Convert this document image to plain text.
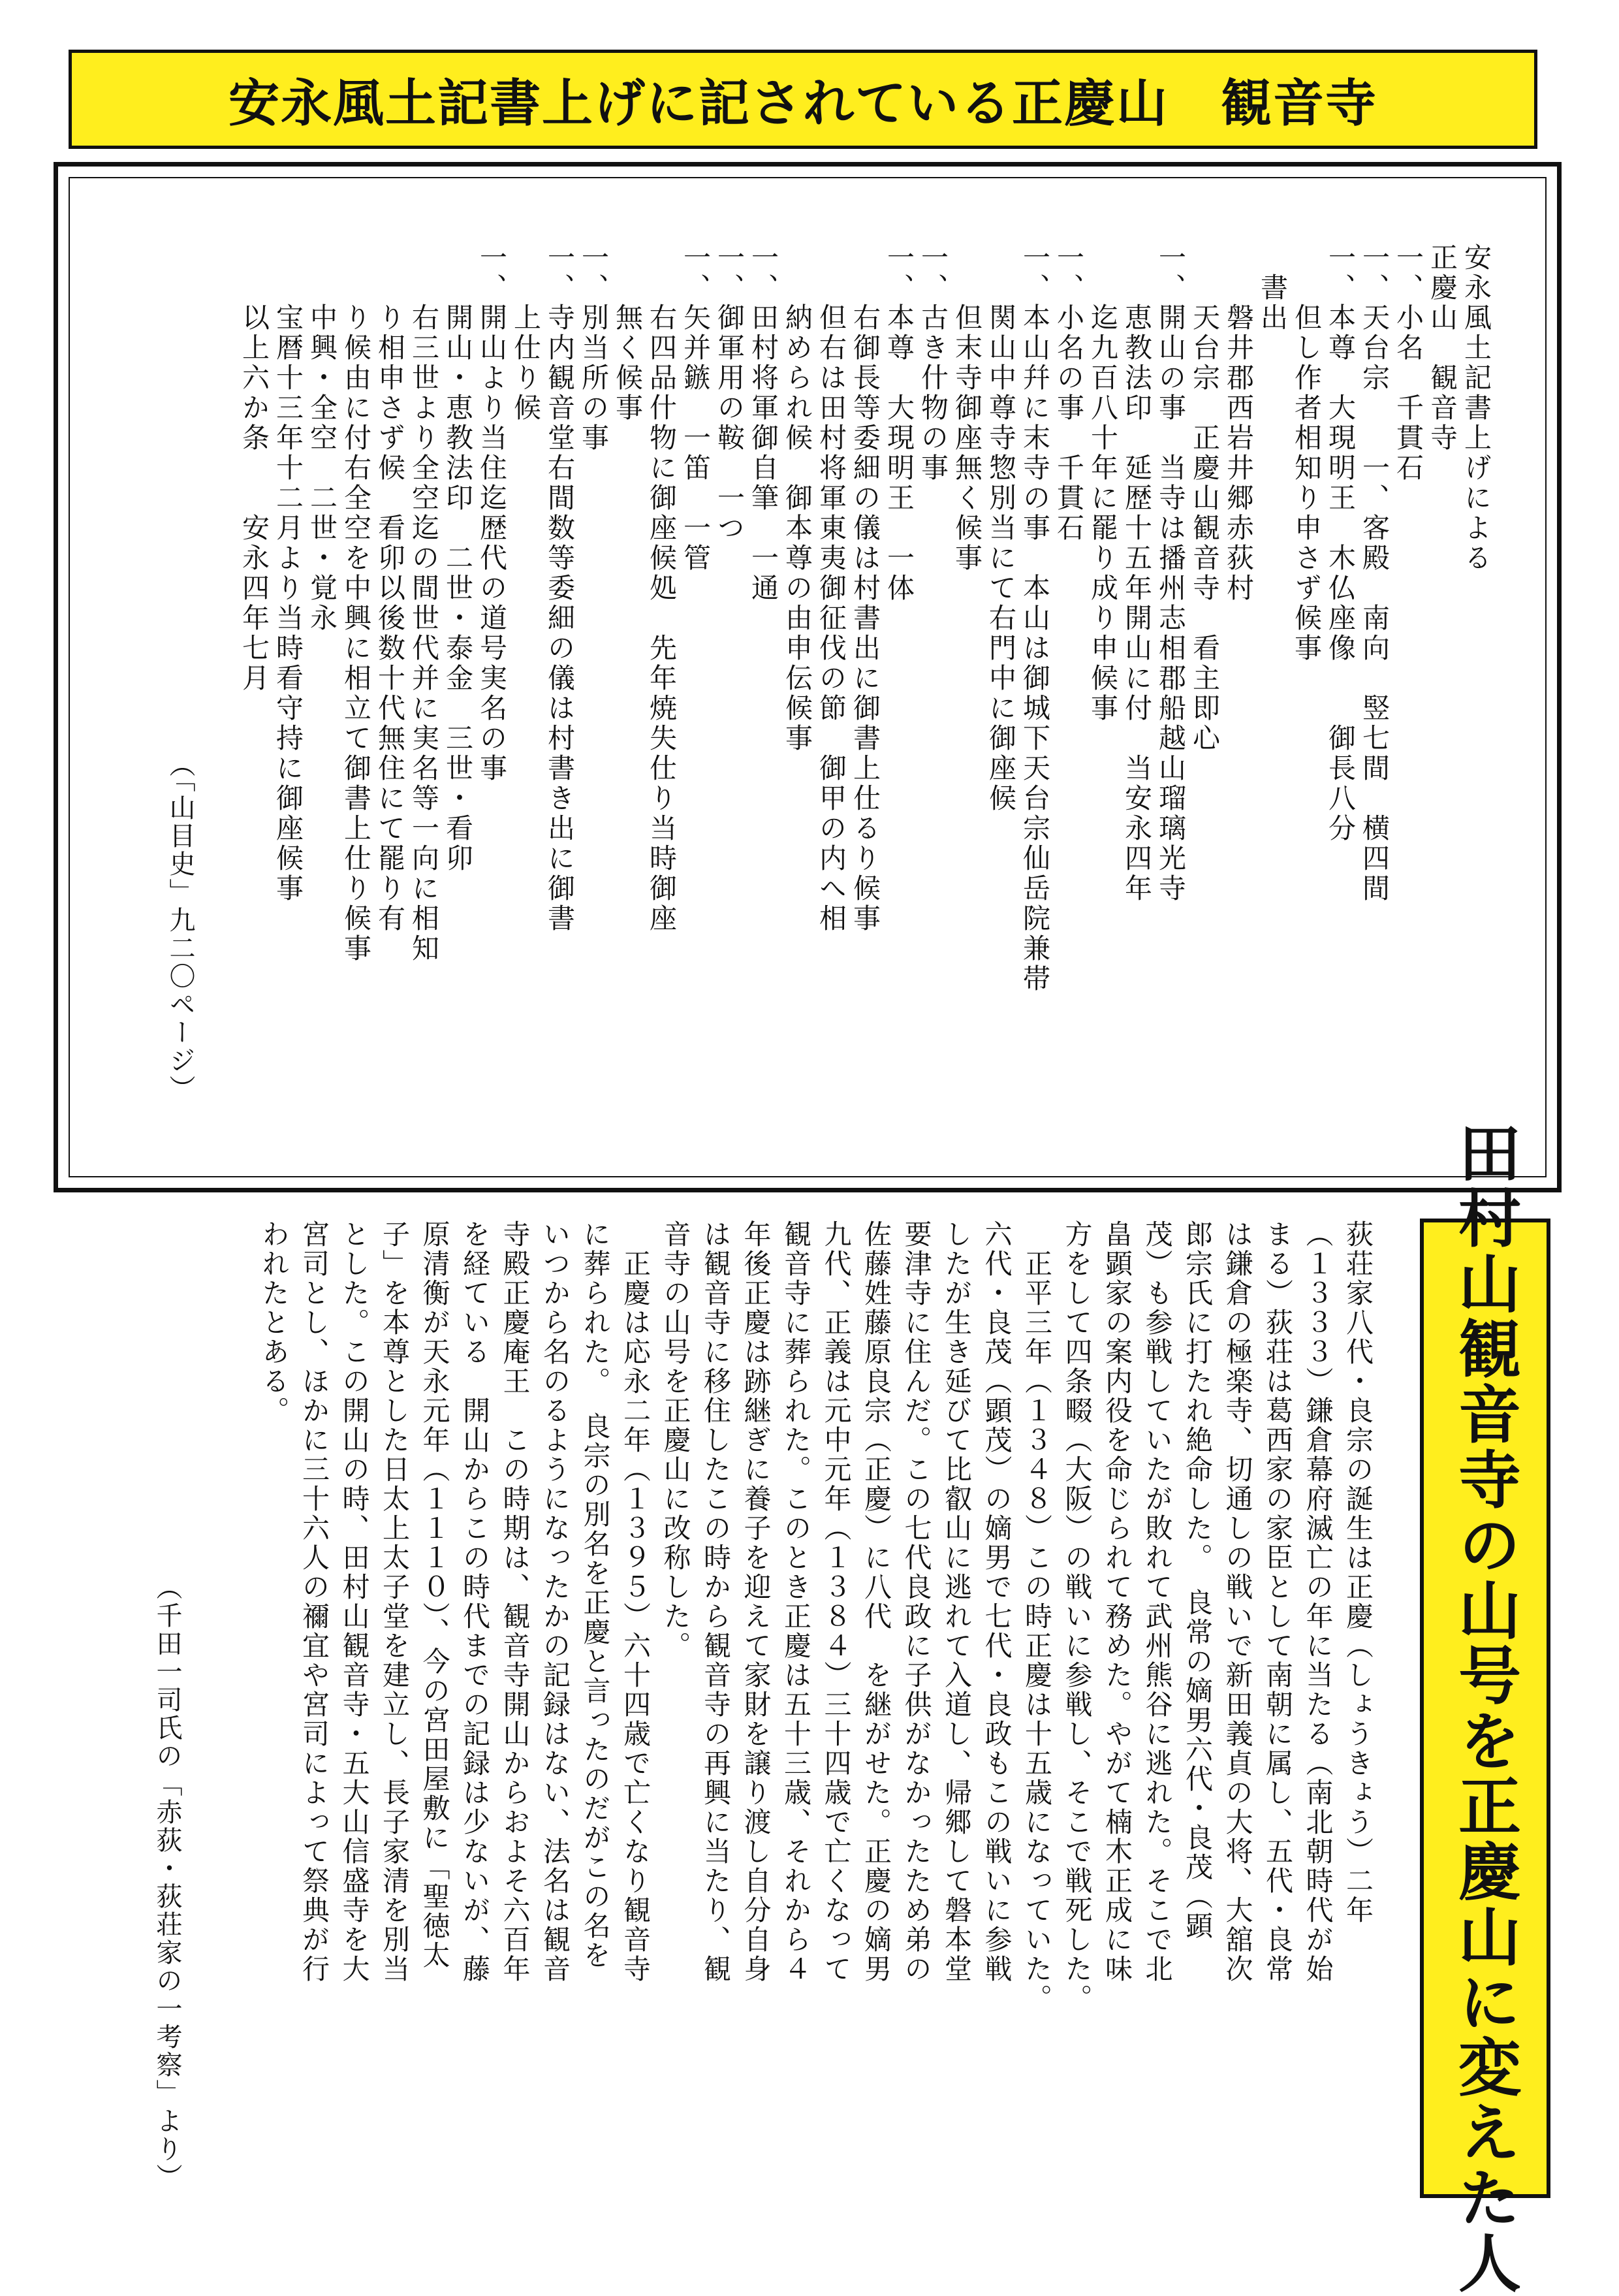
安永風土記書上げに記されている正慶山　観音寺
安永風土記書上げによる
正慶山　観音寺
一、小名　千貫石
一、天台宗　　一、客殿　南向　竪七間　横四間
一、本尊　大現明王　木仏座像　　御長八分
　　但し作者相知り申さず候事
　書出
　　磐井郡西岩井郷赤荻村
　　天台宗　正慶山観音寺　看主即心
一、開山の事　当寺は播州志相郡船越山瑠璃光寺
　　恵教法印　延歴十五年開山に付　当安永四年
　　迄九百八十年に罷り成り申候事
一、小名の事　千貫石
一、本山幷に末寺の事　本山は御城下天台宗仙岳院兼帯
　　関山中尊寺惣別当にて右門中に御座候
　　但末寺御座無く候事
一、古き什物の事
一、本尊　大現明王　一体
　　右御長等委細の儀は村書出に御書上仕るり候事
　　但右は田村将軍東夷御征伐の節　御甲の内へ相
　　納められ候　御本尊の由申伝候事
一、田村将軍御自筆　一通
一、御軍用の鞍　一つ
一、矢并鏃　一笛　一管
　　右四品什物に御座候処　先年焼失仕り当時御座
　　無く候事
一、別当所の事
一、寺内観音堂右間数等委細の儀は村書き出に御書
　　上仕り候
一、開山より当住迄歴代の道号実名の事
　　開山・恵教法印　二世・泰金　三世・看卯
　　右三世より全空迄の間世代并に実名等一向に相知
　　り相申さず候　看卯以後数十代無住にて罷り有
　　り候由に付右全空を中興に相立て御書上仕り候事
　　中興・全空　二世・覚永
　　宝暦十三年十二月より当時看守持に御座候事
　　以上六か条　　安永四年七月
（「山目史」九二〇ページ）
田村山観音寺の山号を正慶山に変えた人
荻荘家八代・良宗の誕生は正慶（しょうきょう）二年
（１３３３）鎌倉幕府滅亡の年に当たる（南北朝時代が始
まる）荻荘は葛西家の家臣として南朝に属し、五代・良常
は鎌倉の極楽寺、切通しの戦いで新田義貞の大将、大舘次
郎宗氏に打たれ絶命した。　良常の嫡男六代・良茂（顕
茂）も参戦していたが敗れて武州熊谷に逃れた。そこで北
畠顕家の案内役を命じられて務めた。やがて楠木正成に味
方をして四条畷（大阪）の戦いに参戦し、そこで戦死した。
　正平三年（１３４８）この時正慶は十五歳になっていた。
六代・良茂（顕茂）の嫡男で七代・良政もこの戦いに参戦
したが生き延びて比叡山に逃れて入道し、帰郷して磐本堂
要津寺に住んだ。この七代良政に子供がなかったため弟の
佐藤姓藤原良宗（正慶）に八代　を継がせた。正慶の嫡男
九代、正義は元中元年（１３８４）三十四歳で亡くなって
観音寺に葬られた。このとき正慶は五十三歳、それから４
年後正慶は跡継ぎに養子を迎えて家財を譲り渡し自分自身
は観音寺に移住したこの時から観音寺の再興に当たり、観
音寺の山号を正慶山に改称した。
　正慶は応永二年（１３９５）六十四歳で亡くなり観音寺
に葬られた。　良宗の別名を正慶と言ったのだがこの名を
いつから名のるようになったかの記録はない、法名は観音
寺殿正慶庵王　この時期は、観音寺開山からおよそ六百年
を経ている　開山からこの時代までの記録は少ないが、藤
原清衡が天永元年（１１１０）、今の宮田屋敷に「聖徳太
子」を本尊とした日太上太子堂を建立し、長子家清を別当
とした。この開山の時、田村山観音寺・五大山信盛寺を大
宮司とし、ほかに三十六人の禰宜や宮司によって祭典が行
われたとある。
（千田一司氏の「赤荻・荻荘家の一考察」より）
